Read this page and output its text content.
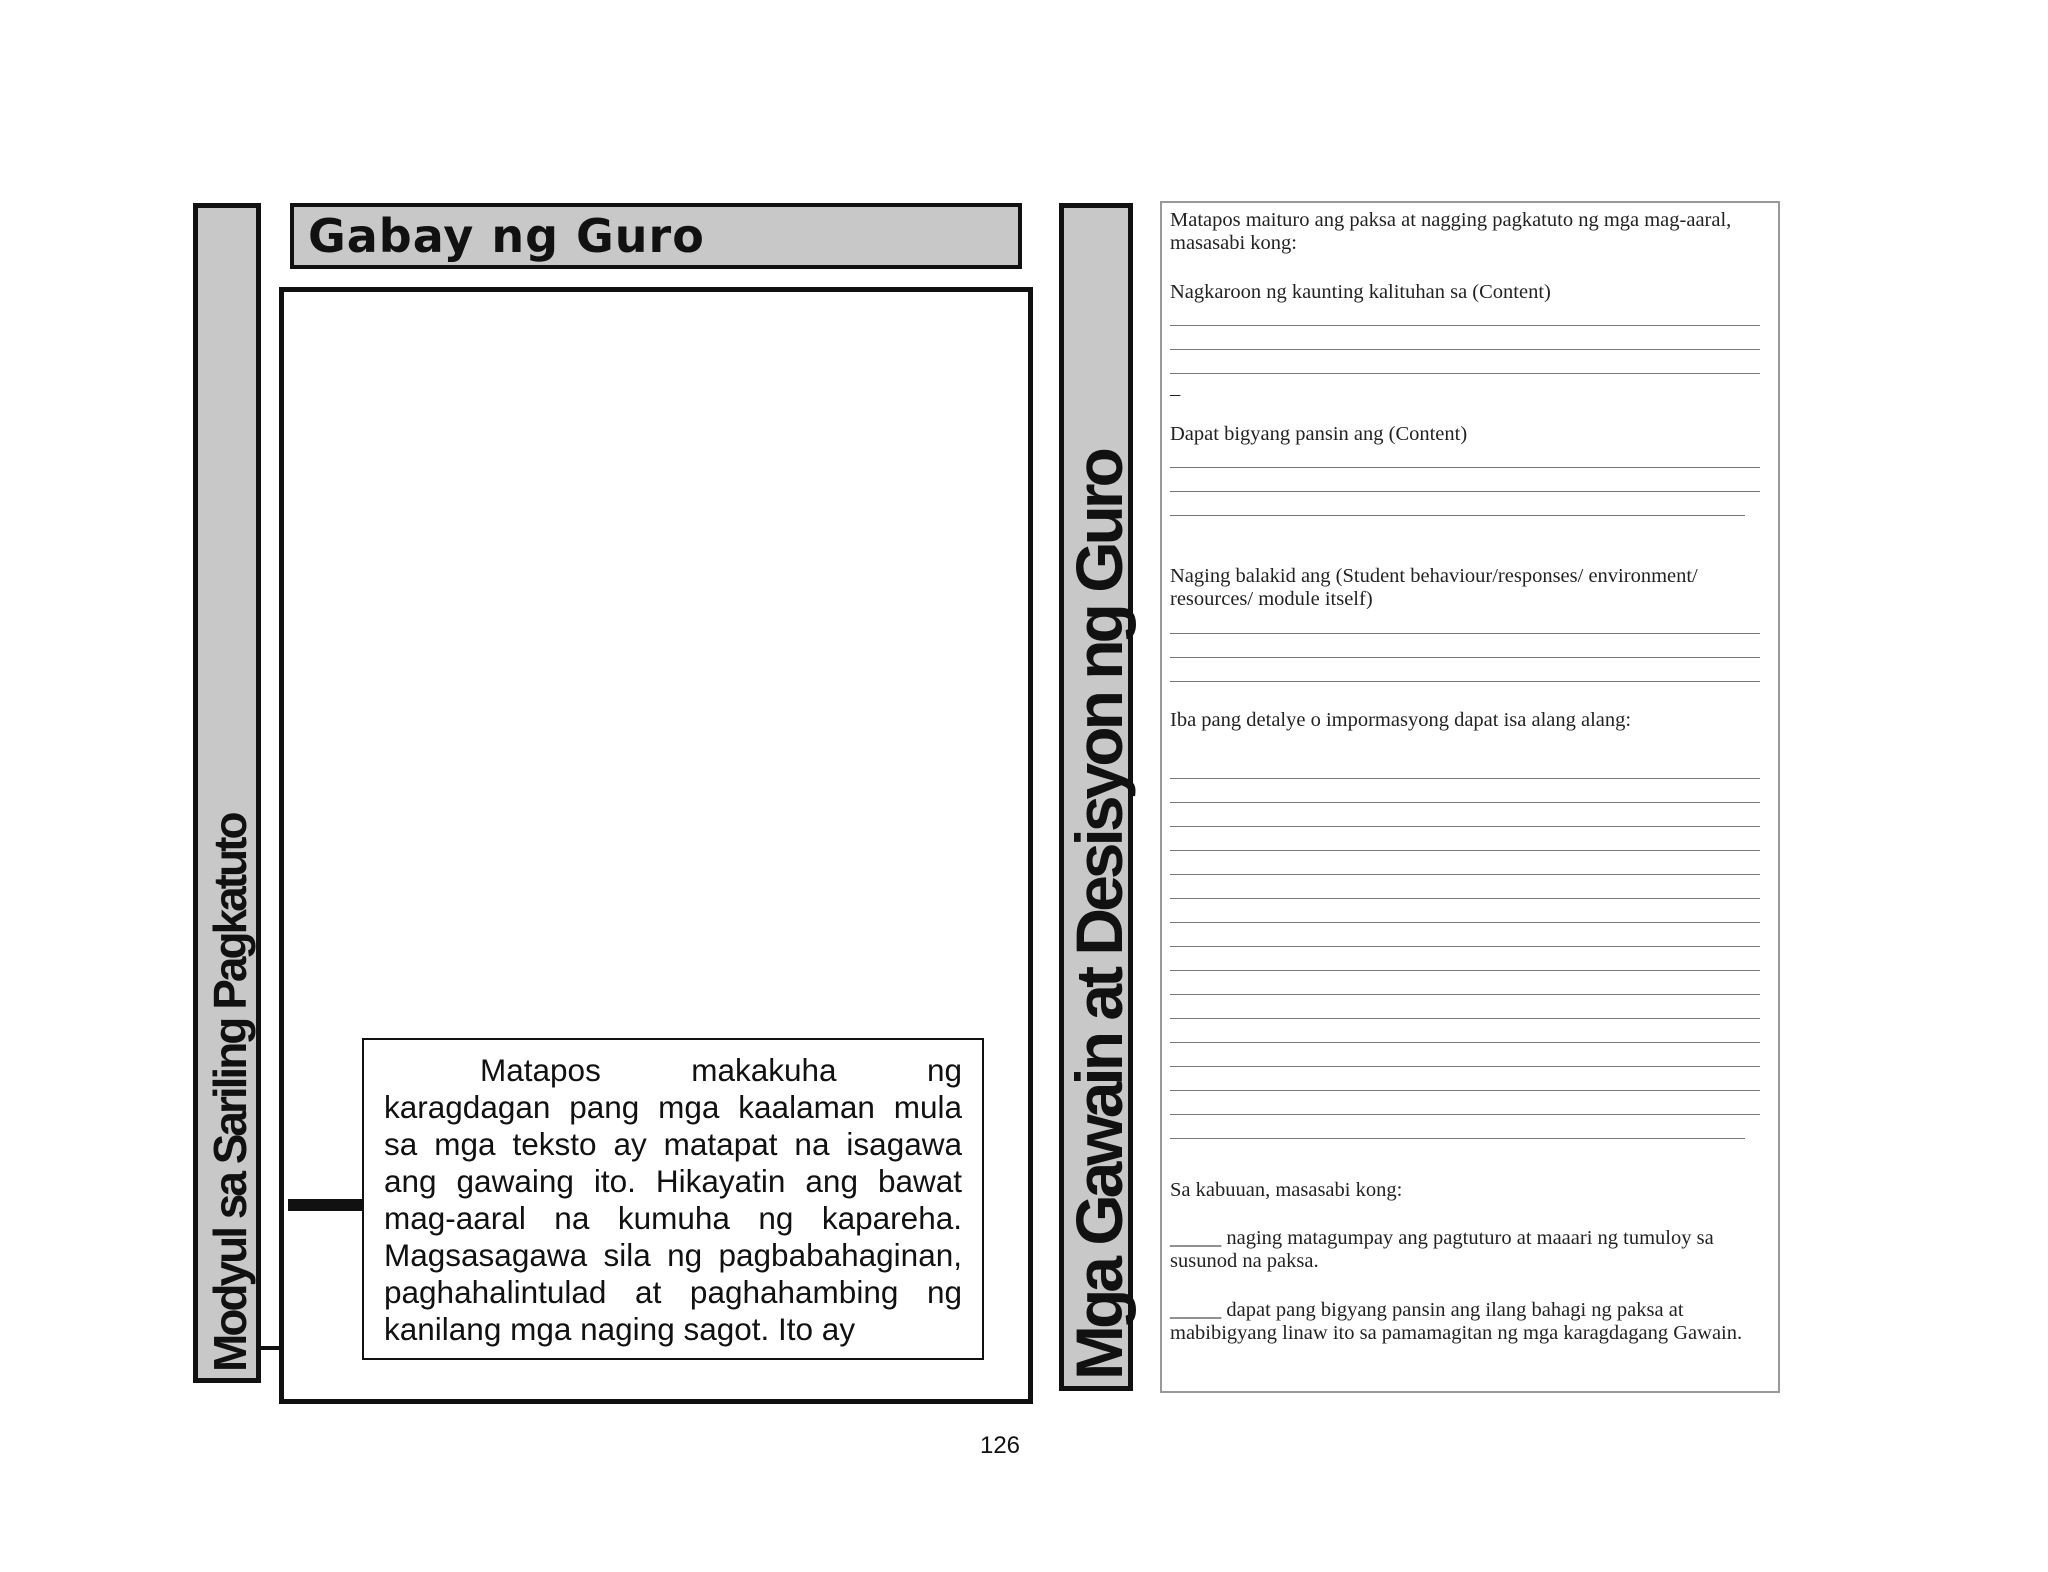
Modyul sa Sariling Pagkatuto
Gabay ng Guro

Matapos makakuha ng karagdagan pang mga kaalaman mula sa mga teksto ay matapat na isagawa ang gawaing ito. Hikayatin ang bawat mag-aaral na kumuha ng kapareha. Magsasagawa sila ng pagbabahaginan, paghahalintulad at paghahambing ng kanilang mga naging sagot. Ito ay	Mga Gawain at Desisyon ng Guro

Matapos maituro ang paksa at nagging pagkatuto ng mga mag-aaral, masasabi kong:

Nagkaroon ng kaunting kalituhan sa (Content)

–

Dapat bigyang pansin ang (Content)

Naging balakid ang (Student behaviour/responses/ environment/ resources/ module itself)

Iba pang detalye o impormasyong dapat isa alang alang:

Sa kabuuan, masasabi kong:

_____ naging matagumpay ang pagtuturo at maaari ng tumuloy sa susunod na paksa.

_____ dapat pang bigyang pansin ang ilang bahagi ng paksa at mabibigyang linaw ito sa pamamagitan ng mga karagdagang Gawain.

126
